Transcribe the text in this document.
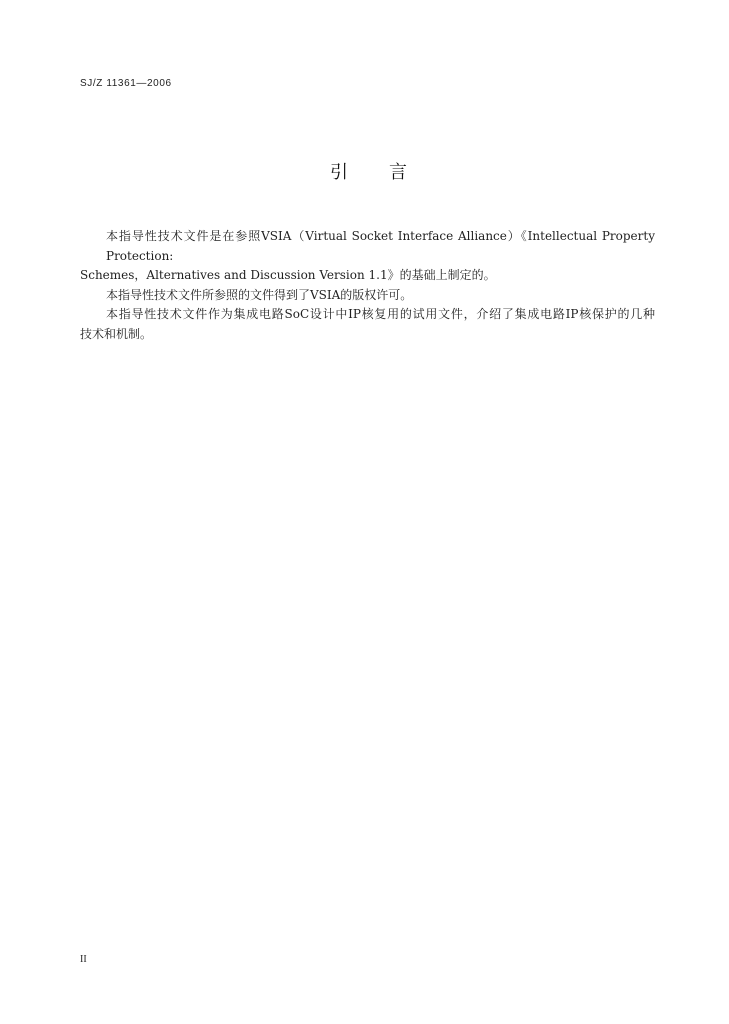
SJ/Z 11361—2006
引 言
本指导性技术文件是在参照VSIA（Virtual Socket Interface Alliance）《Intellectual Property Protection:
Schemes，Alternatives and Discussion Version 1.1》的基础上制定的。
本指导性技术文件所参照的文件得到了VSIA的版权许可。
本指导性技术文件作为集成电路SoC设计中IP核复用的试用文件，介绍了集成电路IP核保护的几种
技术和机制。
II
